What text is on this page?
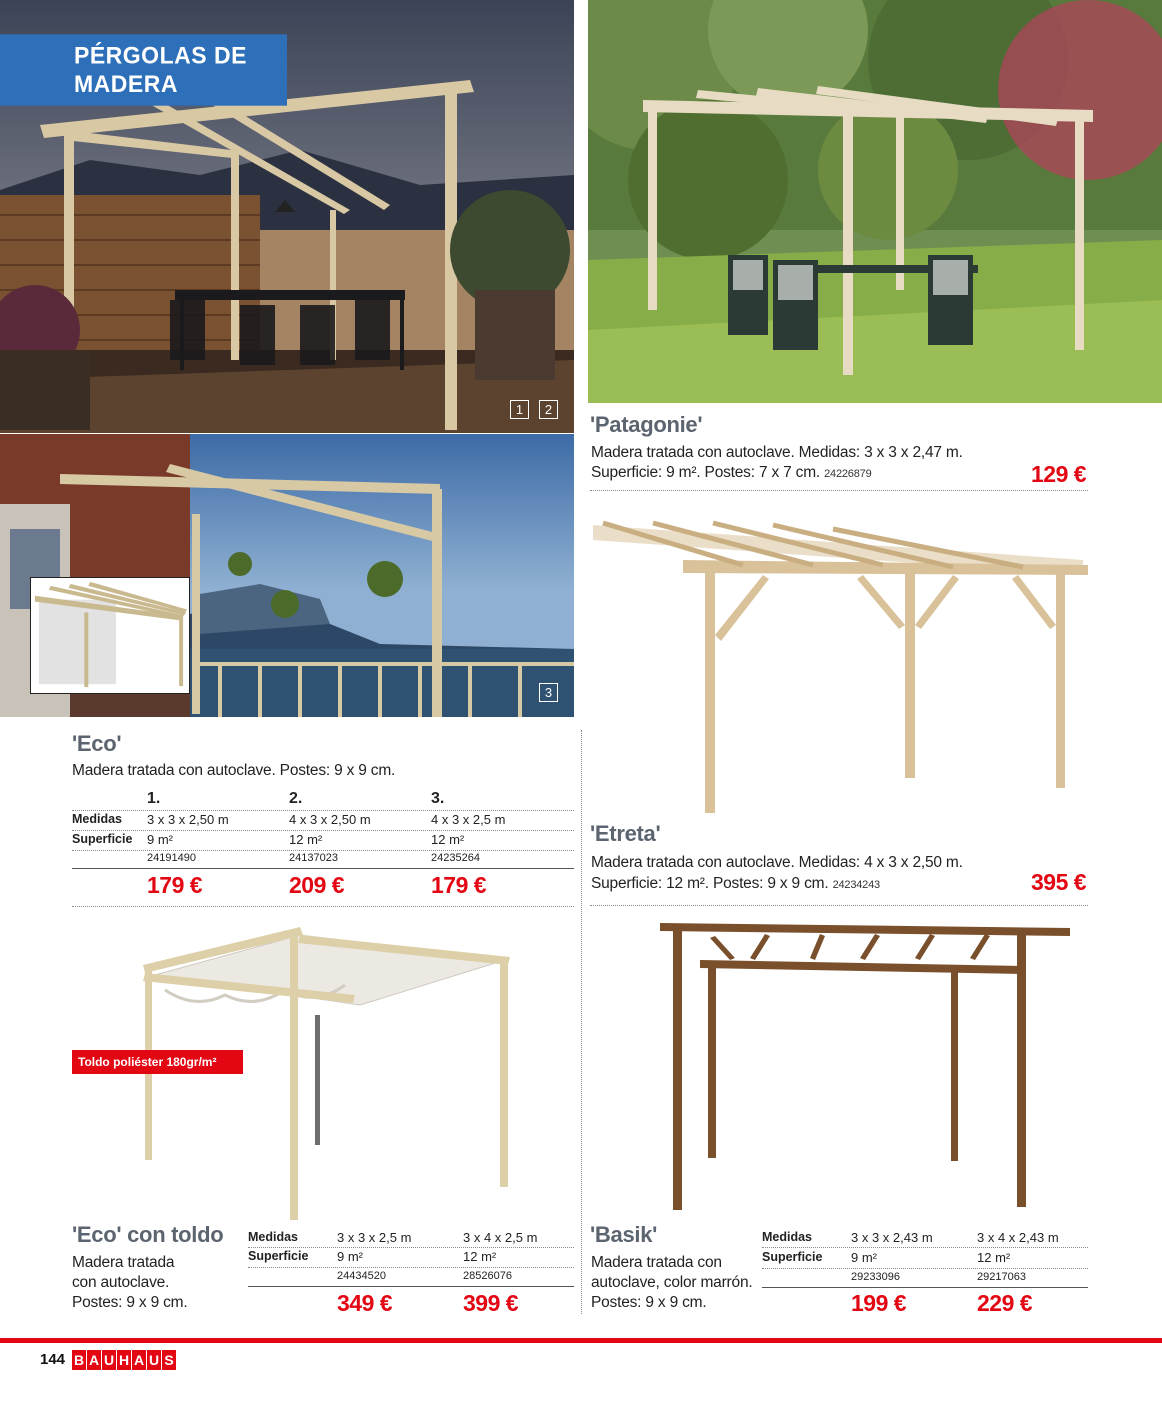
PÉRGOLAS DE MADERA
1	2
3
'Patagonie'
Madera tratada con autoclave. Medidas: 3 x 3 x 2,47 m.
Superficie: 9 m². Postes: 7 x 7 cm. 24226879	129 €
'Eco'
Madera tratada con autoclave. Postes: 9 x 9 cm.
1.	2.	3.
Medidas 3 x 3 x 2,50 m	4 x 3 x 2,50 m	4 x 3 x 2,5 m
Superficie 9 m²	12 m²	12 m²
24191490	24137023	24235264
179 €	209 €	179 €
'Etreta'
Madera tratada con autoclave. Medidas: 4 x 3 x 2,50 m.
Superficie: 12 m². Postes: 9 x 9 cm. 24234243	395 €
Toldo poliéster 180gr/m²
'Eco' con toldo
Madera tratada
con autoclave.
Postes: 9 x 9 cm.
Medidas	3 x 3 x 2,5 m	3 x 4 x 2,5 m
Superficie 9 m²	12 m²
24434520	28526076
349 €	399 €
'Basik'
Madera tratada con
autoclave, color marrón.
Postes: 9 x 9 cm.
Medidas	3 x 3 x 2,43 m	3 x 4 x 2,43 m
Superficie 9 m²	12 m²
29233096	29217063
199 €	229 €
144 B A U H A U S
